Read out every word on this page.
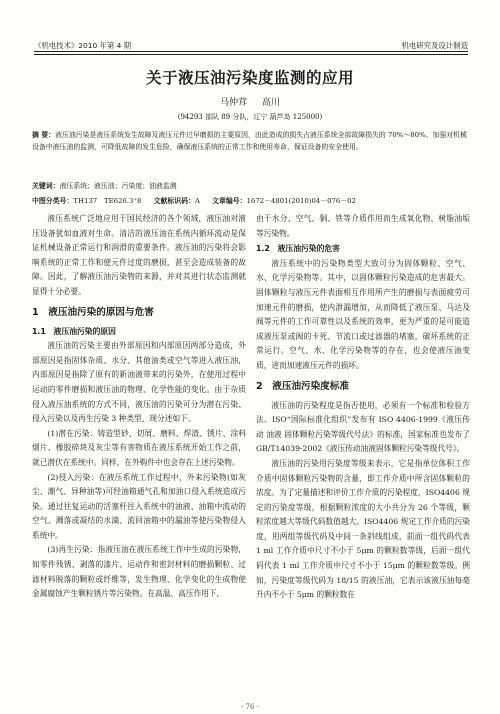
《机电技术》2010 年第 4 期	机电研究及设计制造
关于液压油污染度监测的应用
马仲茸 高川
(94293 部队 89 分队，辽宁 葫芦岛 125000)
摘 要：液压油污染是液压系统发生故障及液压元件过早磨损的主要原因，由此造成的损失占液压系统全部故障损失的 70%～80%。加强对机械设备中液压油的监测，可降低故障的发生危险，确保液压系统的正常工作和使用寿命，保证设备的安全使用。
关键词：液压系统；液压油；污染度；油液监测
中图分类号：TH137　TE626.3⁺8 文献标识码：A 文章编号：1672－4801(2010)04－076－02

液压系统广泛地应用于国民经济的各个领域，液压油对液压设备犹如血液对生命。清洁的液压油在系统内循环流动是保证机械设备正常运行和润滑的重要条件。液压油的污染将会影响系统的正常工作和使元件过度的磨损，甚至会造成装备的故障。因此，了解液压油污染物的来源，并对其进行状态监测就显得十分必要。

1　液压油污染的原因与危害
1.1　液压油污染的原因

液压油的污染主要由外部原因和内部原因两部分造成，外部原因是指固体杂质、水分、其他油类或空气等进入液压油，内部原因是指除了原有的新油液带来的污染外，在使用过程中运动的零件磨损和液压油的物理、化学性能的变化。由于杂质侵入液压油系统的方式不同，液压油的污染可分为潜在污染、侵入污染以及再生污染 3 种类型，现分述如下。

(1)潜在污染：铸造型砂、切屑、磨料、焊渣、锈片、涂料烟片、橡胶碎块及灰尘等有害物质在液压系统开始工作之前，就已潜伏在系统中。同样，在外购件中也会存在上述污染物。

(2)侵入污染：在液压系统工作过程中，外来污染物(如灰尘、潮气、异种油等)可经油箱通气孔和加油口侵入系统造成污染。通过往复运动的活塞杆往入系统中的油液、油箱中流动的空气、溅落或凝结的水滴、流回油箱中的漏油等使污染物侵入系统中。

(3)再生污染：指液压油在液压系统工作中生成的污染物，如零件残锈、剥落的漆片、运动件和密封材料的磨损颗粒、过滤材料脱落的颗粒或纤维等，发生物理、化学变化的生成物使金属腐蚀产生颗粒锈片等污染物。在高温、高压作用下，

由于水分、空气、铜、铁等介质作用而生成氧化物、树脂油垢等污染物。

1.2　液压油污染的危害

液压系统中的污染物类型大致可分为固体颗粒、空气、水、化学污染物等。其中，以固体颗粒污染造成的危害最大。固体颗粒与液压元件表面相互作用所产生的磨损与表面疲劳可加速元件的磨损，使内泄漏增加，从而降低了液压泵、马达及阀等元件的工作可靠性以及系统的效率，更为严重的是可能造成液压泵或阀的卡死、节流口或过滤器的堵塞，破坏系统的正常运行。空气、水、化学污染物等的存在，也会使液压油变质，进而加速液压元件的损坏。

2　液压油污染度标准

液压油的污染程度是指否使用，必须有一个标准和检验方法。ISO“国际标准化组织”发布有 ISO 4406-1999《液压传动 油液 固体颗粒污染等级代号法》的标准，国家标准也发布了 GB/T14039-2002《液压传动油液固体颗粒污染等级代号》。

液压油的污染用污染度等级来表示，它是指单位体积工作介质中固体颗粒污染物的含量，即工作介质中所含固体颗粒的浓度。为了定量描述和评价工作介质的污染程度，ISO4406 规定的污染度等级，根据颗粒浓度的大小共分为 26 个等级，颗粒浓度越大等级代码数值越大。ISO4406 规定工作介质的污染度，用两组等级代码及中间一条斜线组成，前面一组代码代表 1 ml 工作介质中尺寸不小于 5μm 的颗粒数等级，后面一组代码代表 1 ml 工作介质中尺寸不小于 15μm 的颗粒数等级。例如，污染度等级代码为 18/15 的液压油，它表示该液压油每毫升内不小于 5μm 的颗粒数在

· 76 ·
